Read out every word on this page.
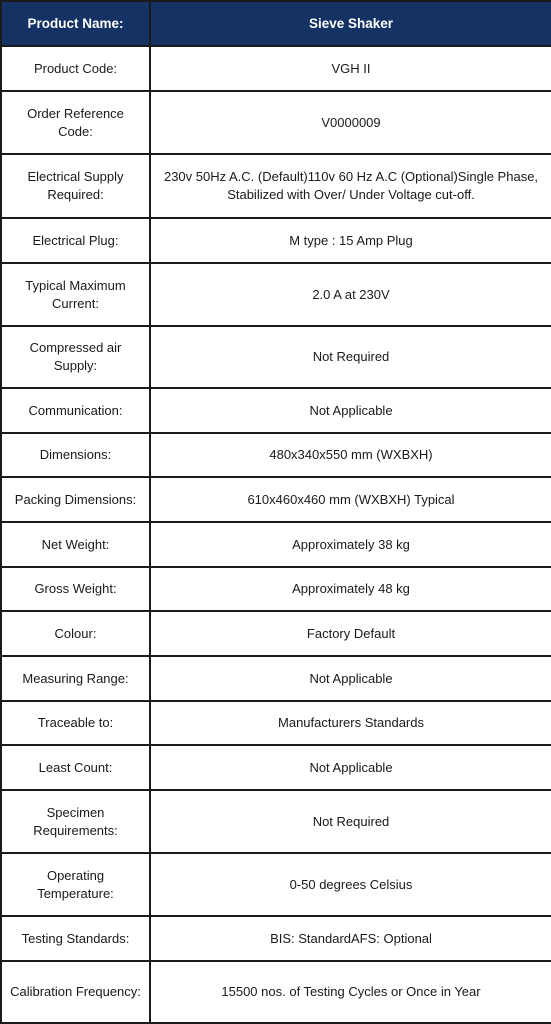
Product Name:	Sieve Shaker
Product Code:	VGH II
Order Reference Code:	V0000009
Electrical Supply Required:	230v 50Hz A.C. (Default)110v 60 Hz A.C (Optional)Single Phase, Stabilized with Over/ Under Voltage cut-off.
Electrical Plug:	M type : 15 Amp Plug
Typical Maximum Current:	2.0 A at 230V
Compressed air Supply:	Not Required
Communication:	Not Applicable
Dimensions:	480x340x550 mm (WXBXH)
Packing Dimensions:	610x460x460 mm (WXBXH) Typical
Net Weight:	Approximately 38 kg
Gross Weight:	Approximately 48 kg
Colour:	Factory Default
Measuring Range:	Not Applicable
Traceable to:	Manufacturers Standards
Least Count:	Not Applicable
Specimen Requirements:	Not Required
Operating Temperature:	0-50 degrees Celsius
Testing Standards:	BIS: StandardAFS: Optional
Calibration Frequency:	15500 nos. of Testing Cycles or Once in Year
